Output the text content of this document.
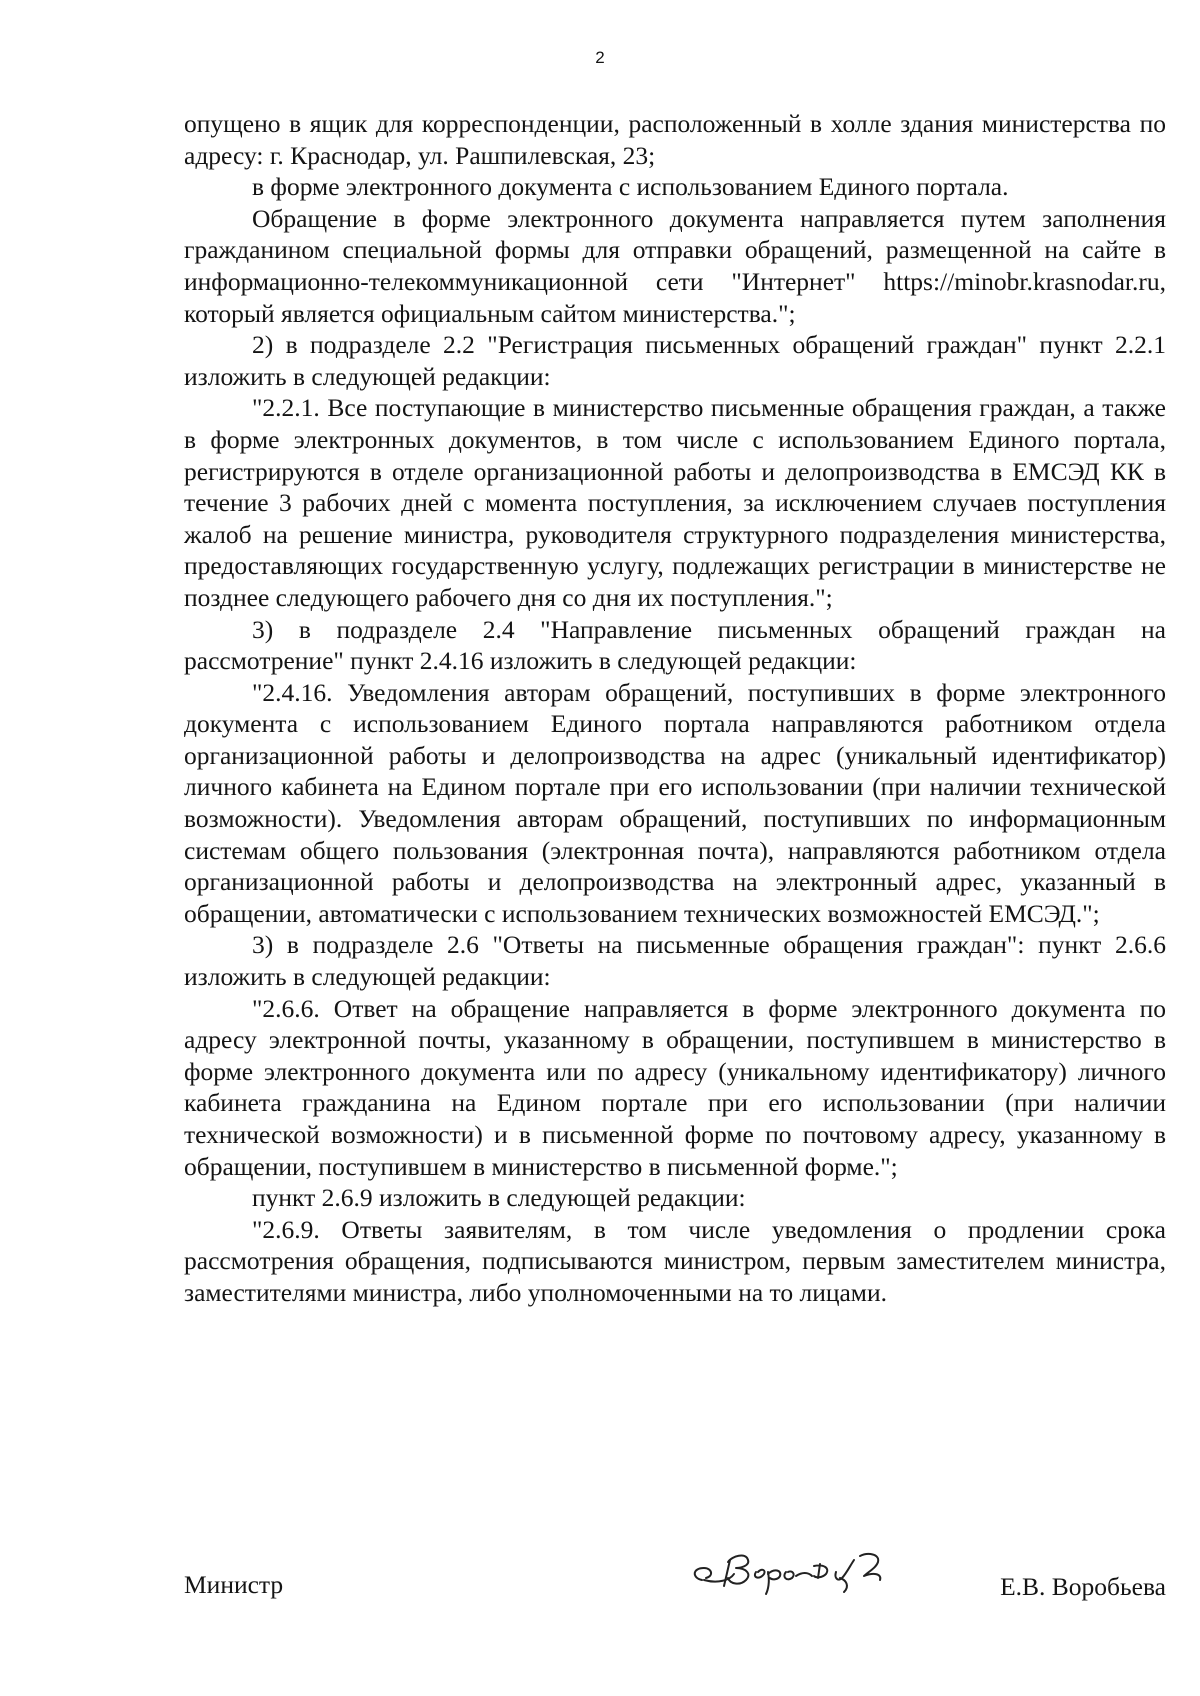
2

опущено в ящик для корреспонденции, расположенный в холле здания министерства по адресу: г. Краснодар, ул. Рашпилевская, 23;

в форме электронного документа с использованием Единого портала.

Обращение в форме электронного документа направляется путем заполнения гражданином специальной формы для отправки обращений, размещенной на сайте в информационно-телекоммуникационной сети "Интернет" https://minobr.krasnodar.ru, который является официальным сайтом министерства.";

2) в подразделе 2.2 "Регистрация письменных обращений граждан" пункт 2.2.1 изложить в следующей редакции:

"2.2.1. Все поступающие в министерство письменные обращения граждан, а также в форме электронных документов, в том числе с использованием Единого портала, регистрируются в отделе организационной работы и делопроизводства в ЕМСЭД КК в течение 3 рабочих дней с момента поступления, за исключением случаев поступления жалоб на решение министра, руководителя структурного подразделения министерства, предоставляющих государственную услугу, подлежащих регистрации в министерстве не позднее следующего рабочего дня со дня их поступления.";

3) в подразделе 2.4 "Направление письменных обращений граждан на рассмотрение" пункт 2.4.16 изложить в следующей редакции:

"2.4.16. Уведомления авторам обращений, поступивших в форме электронного документа с использованием Единого портала направляются работником отдела организационной работы и делопроизводства на адрес (уникальный идентификатор) личного кабинета на Едином портале при его использовании (при наличии технической возможности). Уведомления авторам обращений, поступивших по информационным системам общего пользования (электронная почта), направляются работником отдела организационной работы и делопроизводства на электронный адрес, указанный в обращении, автоматически с использованием технических возможностей ЕМСЭД.";

3) в подразделе 2.6 "Ответы на письменные обращения граждан": пункт 2.6.6 изложить в следующей редакции:

"2.6.6. Ответ на обращение направляется в форме электронного документа по адресу электронной почты, указанному в обращении, поступившем в министерство в форме электронного документа или по адресу (уникальному идентификатору) личного кабинета гражданина на Едином портале при его использовании (при наличии технической возможности) и в письменной форме по почтовому адресу, указанному в обращении, поступившем в министерство в письменной форме.";

пункт 2.6.9 изложить в следующей редакции:

"2.6.9. Ответы заявителям, в том числе уведомления о продлении срока рассмотрения обращения, подписываются министром, первым заместителем министра, заместителями министра, либо уполномоченными на то лицами.

Министр	Е.В. Воробьева
